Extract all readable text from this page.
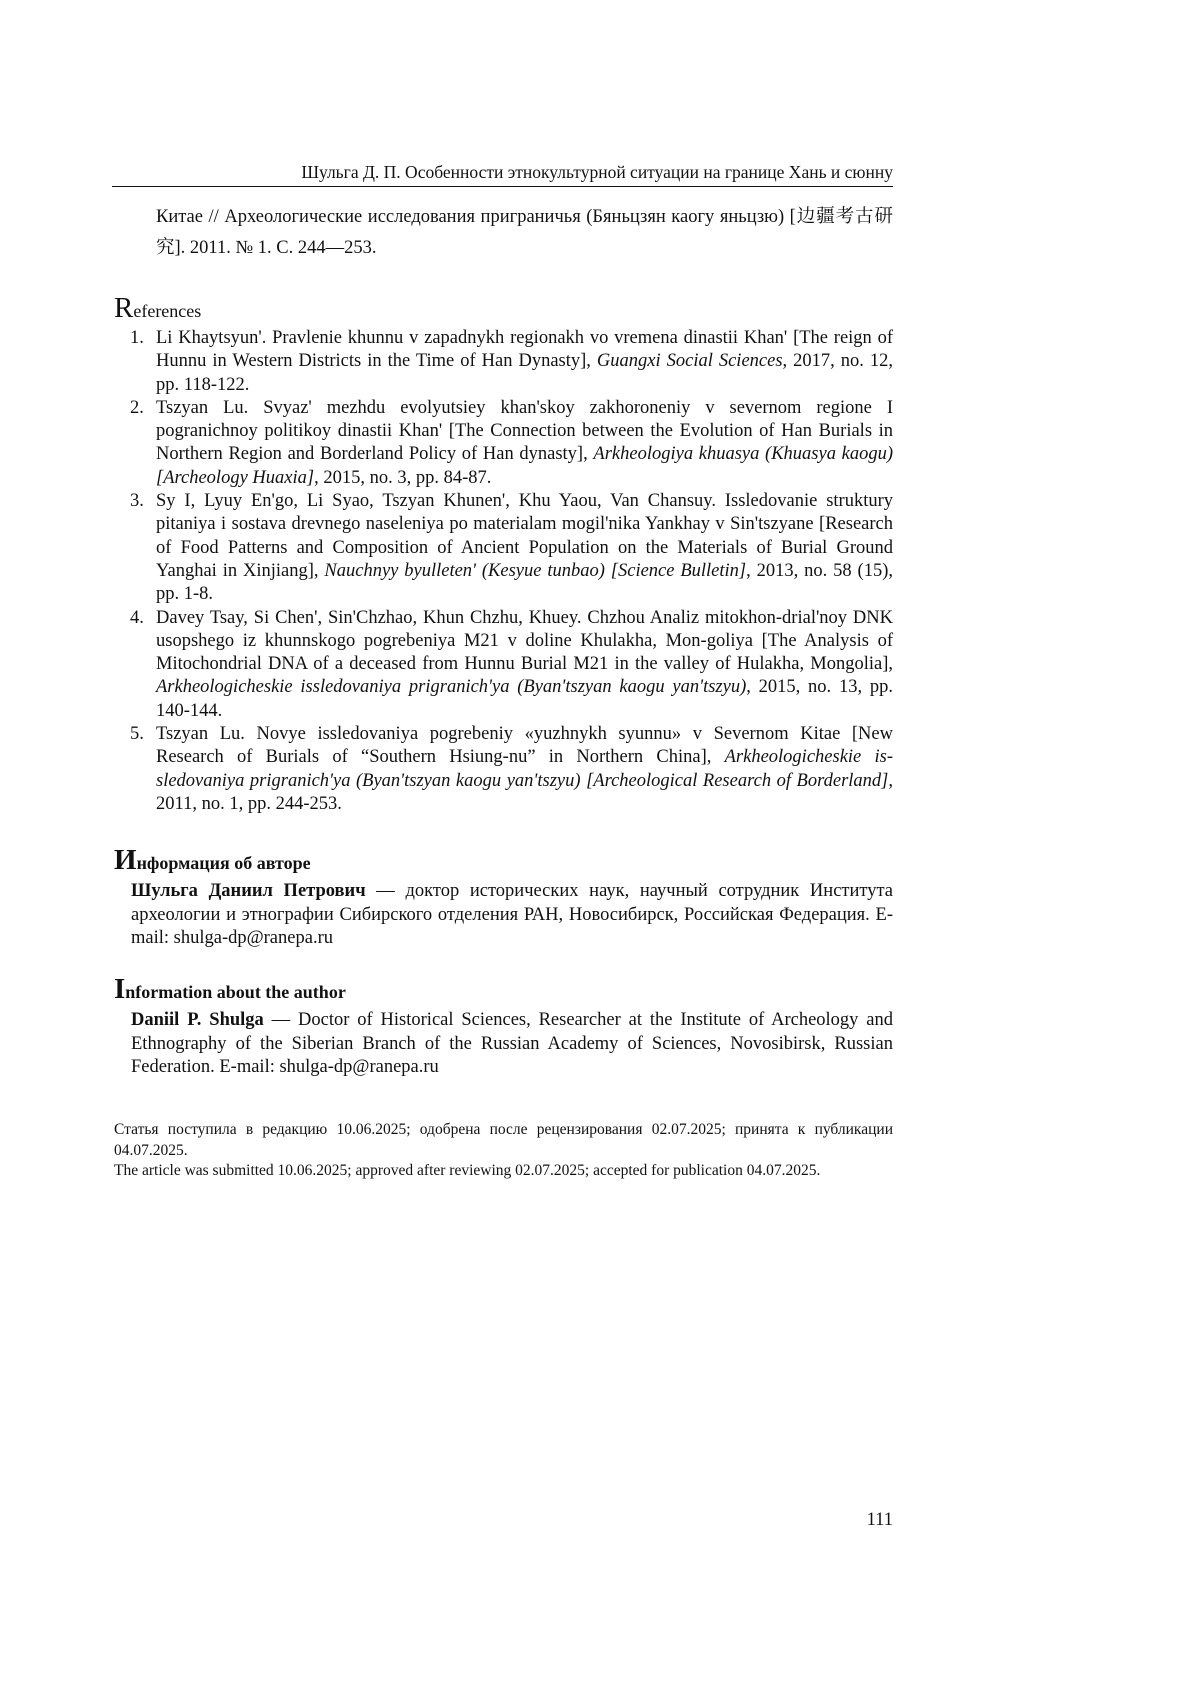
Шульга Д. П. Особенности этнокультурной ситуации на границе Хань и сюнну
Китае // Археологические исследования приграничья (Бяньцзян каогу яньцзю) [边疆考古研究]. 2011. № 1. С. 244—253.
References
1. Li Khaytsyun'. Pravlenie khunnu v zapadnykh regionakh vo vremena dinastii Khan' [The reign of Hunnu in Western Districts in the Time of Han Dynasty], Guangxi Social Sciences, 2017, no. 12, pp. 118-122.
2. Tszyan Lu. Svyaz' mezhdu evolyutsiey khan'skoy zakhoroneniy v severnom regione I pogranichnoy politikoy dinastii Khan' [The Connection between the Evolution of Han Burials in Northern Region and Borderland Policy of Han dynasty], Arkheologiya khuasya (Khuasya kaogu) [Archeology Huaxia], 2015, no. 3, pp. 84-87.
3. Sy I, Lyuy En'go, Li Syao, Tszyan Khunen', Khu Yaou, Van Chansuy. Issledovanie struktury pitaniya i sostava drevnego naseleniya po materialam mogil'nika Yankhay v Sin'tszyane [Research of Food Patterns and Composition of Ancient Population on the Materials of Burial Ground Yanghai in Xinjiang], Nauchnyy byulleten' (Kesyue tunbao) [Science Bulletin], 2013, no. 58 (15), pp. 1-8.
4. Davey Tsay, Si Chen', Sin'Chzhao, Khun Chzhu, Khuey. Chzhou Analiz mitokhon-drial'noy DNK usopshego iz khunnskogo pogrebeniya M21 v doline Khulakha, Mon-goliya [The Analysis of Mitochondrial DNA of a deceased from Hunnu Burial M21 in the valley of Hulakha, Mongolia], Arkheologicheskie issledovaniya prigranich'ya (Byan'tszyan kaogu yan'tszyu), 2015, no. 13, pp. 140-144.
5. Tszyan Lu. Novye issledovaniya pogrebeniy «yuzhnykh syunnu» v Severnom Kitae [New Research of Burials of “Southern Hsiung-nu” in Northern China], Arkheologicheskie is-sledovaniya prigranich'ya (Byan'tszyan kaogu yan'tszyu) [Archeological Research of Borderland], 2011, no. 1, pp. 244-253.
Информация об авторе
Шульга Даниил Петрович — доктор исторических наук, научный сотрудник Института археологии и этнографии Сибирского отделения РАН, Новосибирск, Российская Федерация. E-mail: shulga-dp@ranepa.ru
Information about the author
Daniil P. Shulga — Doctor of Historical Sciences, Researcher at the Institute of Archeology and Ethnography of the Siberian Branch of the Russian Academy of Sciences, Novosibirsk, Russian Federation. E-mail: shulga-dp@ranepa.ru

Статья поступила в редакцию 10.06.2025; одобрена после рецензирования 02.07.2025; принята к публикации 04.07.2025.

The article was submitted 10.06.2025; approved after reviewing 02.07.2025; accepted for publication 04.07.2025.

111
